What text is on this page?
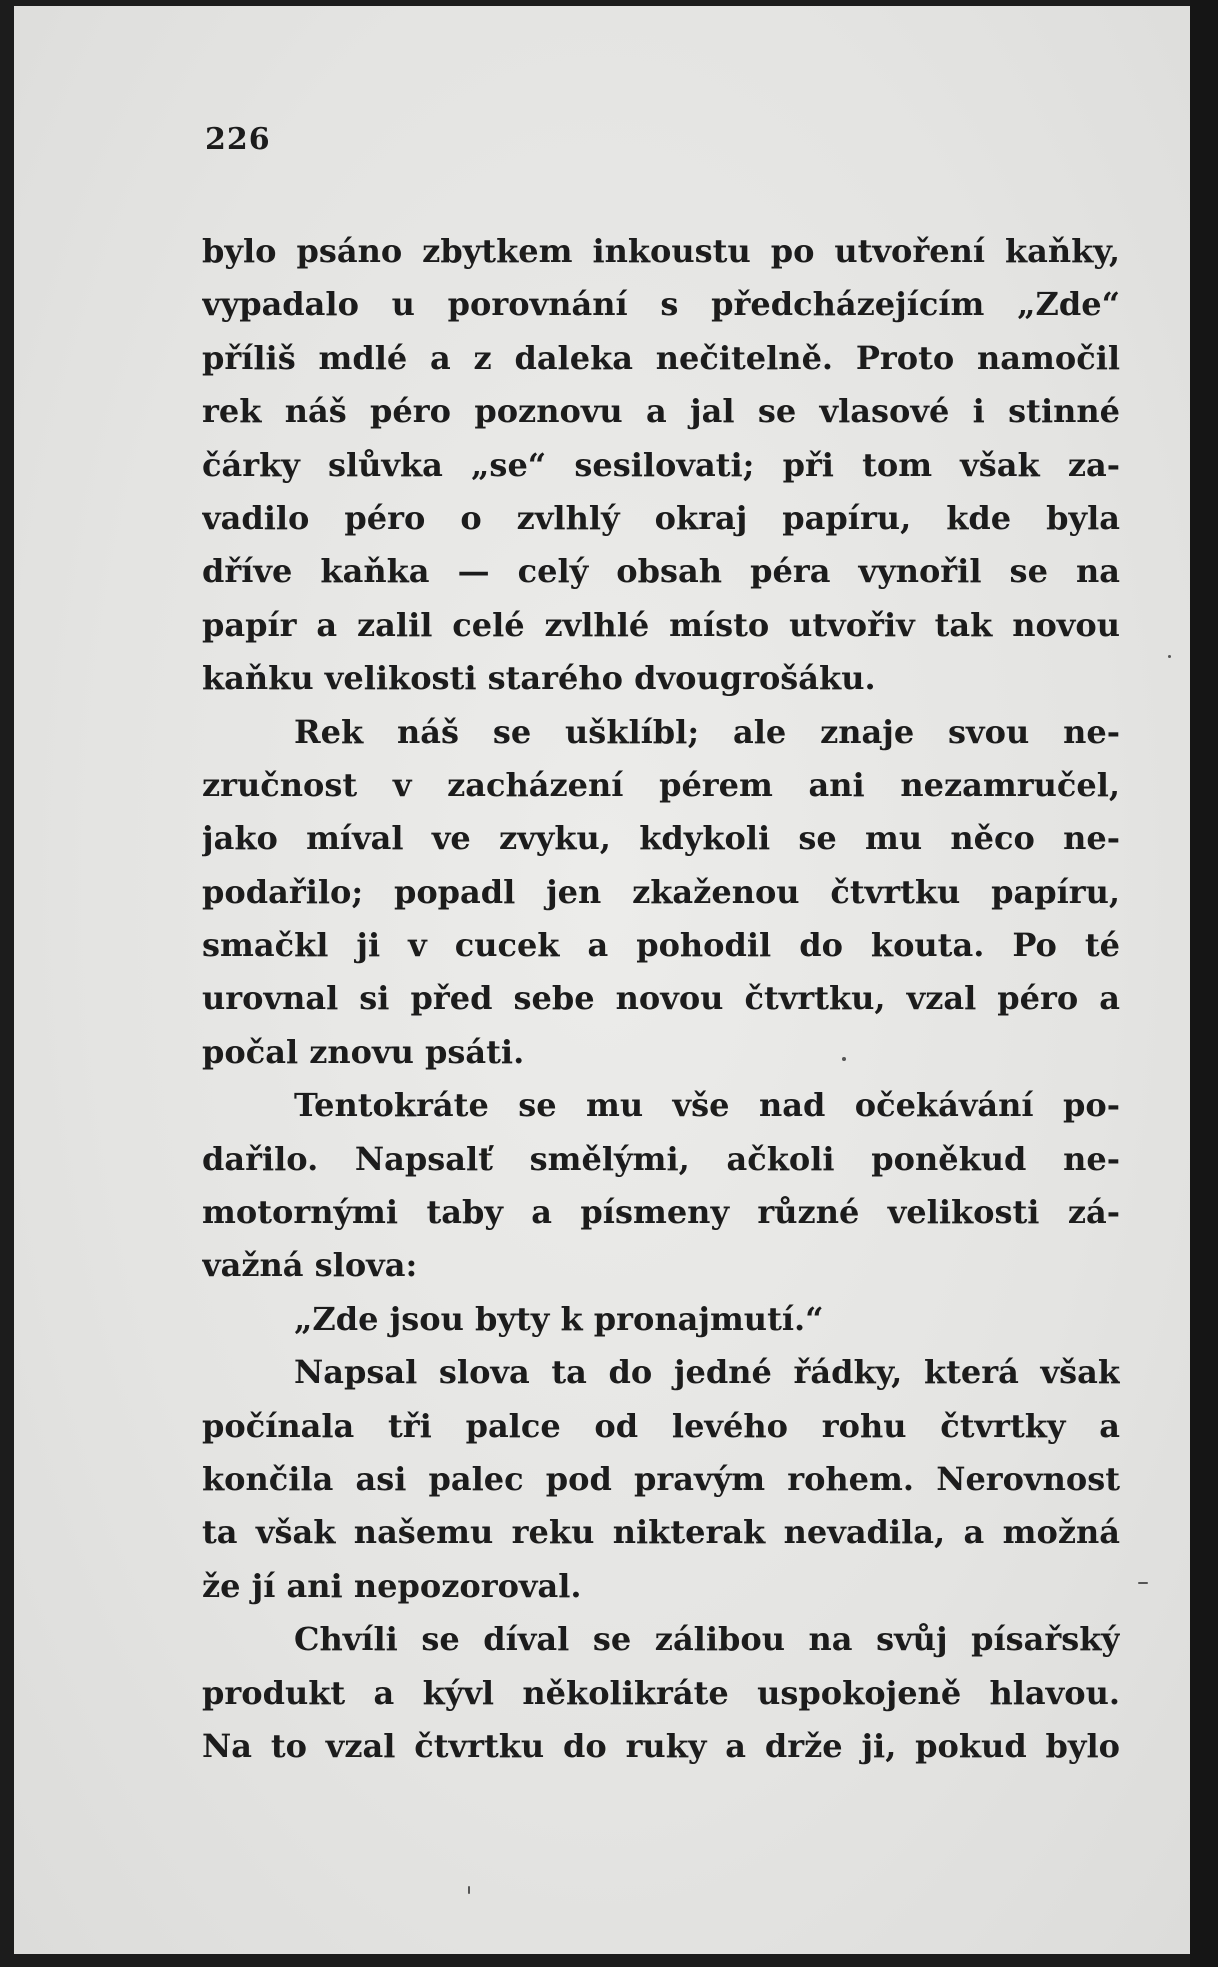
226
bylo psáno zbytkem inkoustu po utvoření kaňky,
vypadalo u porovnání s předcházejícím „Zde“
příliš mdlé a z daleka nečitelně. Proto namočil
rek náš péro poznovu a jal se vlasové i stinné
čárky slůvka „se“ sesilovati; při tom však za-
vadilo péro o zvlhlý okraj papíru, kde byla
dříve kaňka — celý obsah péra vynořil se na
papír a zalil celé zvlhlé místo utvořiv tak novou
kaňku velikosti starého dvougrošáku.
Rek náš se ušklíbl; ale znaje svou ne-
zručnost v zacházení pérem ani nezamručel,
jako míval ve zvyku, kdykoli se mu něco ne-
podařilo; popadl jen zkaženou čtvrtku papíru,
smačkl ji v cucek a pohodil do kouta. Po té
urovnal si před sebe novou čtvrtku, vzal péro a
počal znovu psáti.
Tentokráte se mu vše nad očekávání po-
dařilo. Napsalť smělými, ačkoli poněkud ne-
motornými taby a písmeny různé velikosti zá-
važná slova:
„Zde jsou byty k pronajmutí.“
Napsal slova ta do jedné řádky, která však
počínala tři palce od levého rohu čtvrtky a
končila asi palec pod pravým rohem. Nerovnost
ta však našemu reku nikterak nevadila, a možná
že jí ani nepozoroval.
Chvíli se díval se zálibou na svůj písařský
produkt a kývl několikráte uspokojeně hlavou.
Na to vzal čtvrtku do ruky a drže ji, pokud bylo
